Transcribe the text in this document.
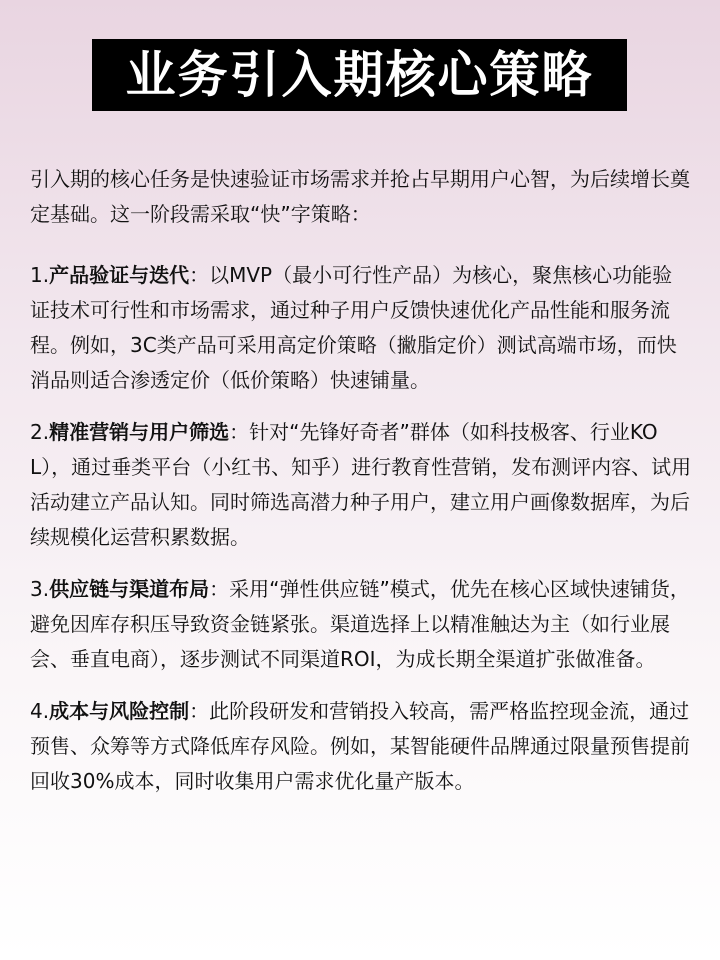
业务引入期核心策略

引入期的核心任务是快速验证市场需求并抢占早期用户心智，为后续增长奠定基础。这一阶段需采取“快”字策略：

1.产品验证与迭代：以MVP（最小可行性产品）为核心，聚焦核心功能验证技术可行性和市场需求，通过种子用户反馈快速优化产品性能和服务流程。例如，3C类产品可采用高定价策略（撇脂定价）测试高端市场，而快消品则适合渗透定价（低价策略）快速铺量。

2.精准营销与用户筛选：针对“先锋好奇者”群体（如科技极客、行业KOL），通过垂类平台（小红书、知乎）进行教育性营销，发布测评内容、试用活动建立产品认知。同时筛选高潜力种子用户，建立用户画像数据库，为后续规模化运营积累数据。

3.供应链与渠道布局：采用“弹性供应链”模式，优先在核心区域快速铺货，避免因库存积压导致资金链紧张。渠道选择上以精准触达为主（如行业展会、垂直电商），逐步测试不同渠道ROI，为成长期全渠道扩张做准备。

4.成本与风险控制：此阶段研发和营销投入较高，需严格监控现金流，通过预售、众筹等方式降低库存风险。例如，某智能硬件品牌通过限量预售提前回收30%成本，同时收集用户需求优化量产版本。
